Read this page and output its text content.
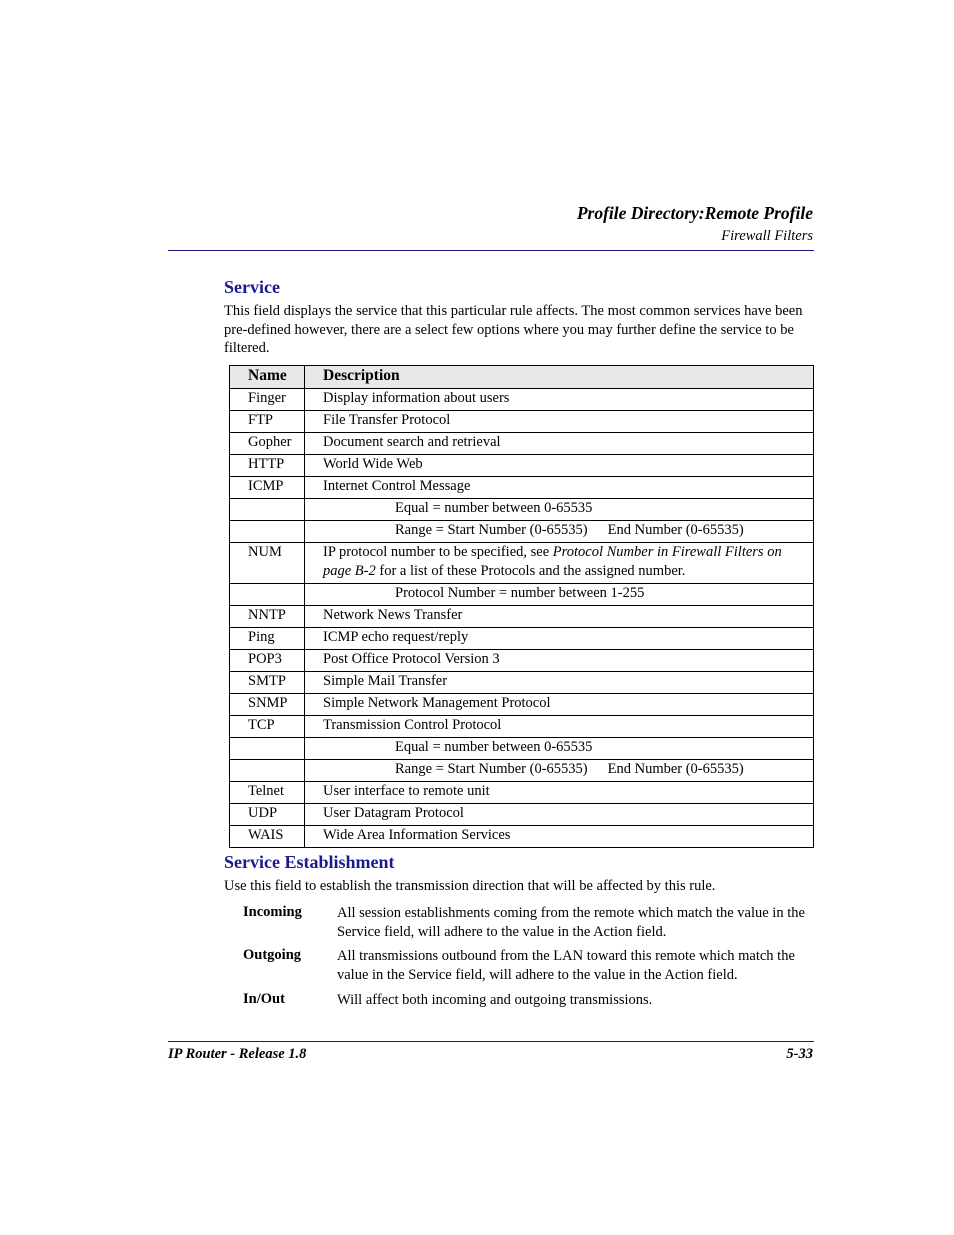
Profile Directory:Remote Profile
Firewall Filters
Service
This field displays the service that this particular rule affects. The most common services have been pre-defined however, there are a select few options where you may further define the service to be filtered.
Name	Description
Finger	Display information about users
FTP	File Transfer Protocol
Gopher	Document search and retrieval
HTTP	World Wide Web
ICMP	Internet Control Message
	Equal = number between 0-65535
	Range = Start Number (0-65535) End Number (0-65535)
NUM	IP protocol number to be specified, see Protocol Number in Firewall Filters on page B-2 for a list of these Protocols and the assigned number.
	Protocol Number = number between 1-255
NNTP	Network News Transfer
Ping	ICMP echo request/reply
POP3	Post Office Protocol Version 3
SMTP	Simple Mail Transfer
SNMP	Simple Network Management Protocol
TCP	Transmission Control Protocol
	Equal = number between 0-65535
	Range = Start Number (0-65535) End Number (0-65535)
Telnet	User interface to remote unit
UDP	User Datagram Protocol
WAIS	Wide Area Information Services
Service Establishment
Use this field to establish the transmission direction that will be affected by this rule.
Incoming All session establishments coming from the remote which match the value in the Service field, will adhere to the value in the Action field.
Outgoing All transmissions outbound from the LAN toward this remote which match the value in the Service field, will adhere to the value in the Action field.
In/Out	Will affect both incoming and outgoing transmissions.
IP Router - Release 1.8	5-33
